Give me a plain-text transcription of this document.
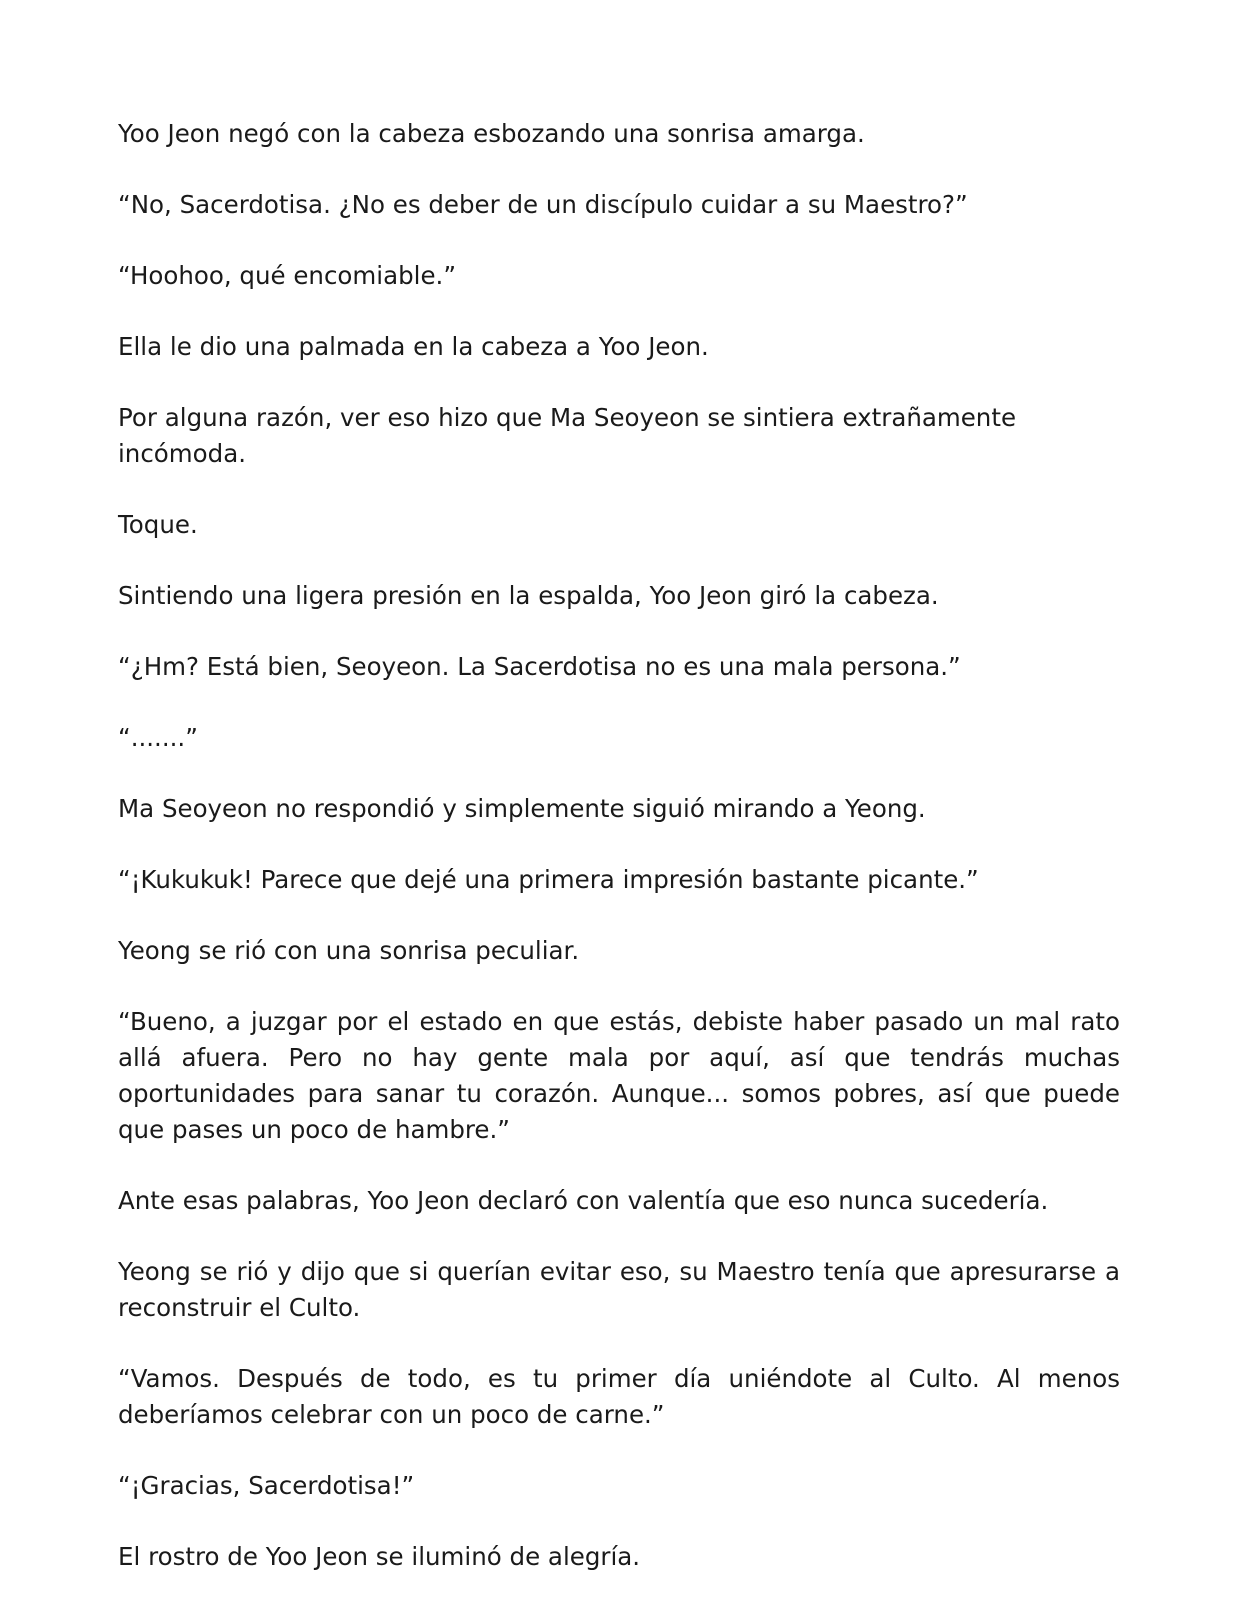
Yoo Jeon negó con la cabeza esbozando una sonrisa amarga.

“No, Sacerdotisa. ¿No es deber de un discípulo cuidar a su Maestro?”

“Hoohoo, qué encomiable.”

Ella le dio una palmada en la cabeza a Yoo Jeon.

Por alguna razón, ver eso hizo que Ma Seoyeon se sintiera extrañamente incómoda.

Toque.

Sintiendo una ligera presión en la espalda, Yoo Jeon giró la cabeza.

“¿Hm? Está bien, Seoyeon. La Sacerdotisa no es una mala persona.”

“.......”

Ma Seoyeon no respondió y simplemente siguió mirando a Yeong.

“¡Kukukuk! Parece que dejé una primera impresión bastante picante.”

Yeong se rió con una sonrisa peculiar.

“Bueno, a juzgar por el estado en que estás, debiste haber pasado un mal rato allá afuera. Pero no hay gente mala por aquí, así que tendrás muchas oportunidades para sanar tu corazón. Aunque... somos pobres, así que puede que pases un poco de hambre.”

Ante esas palabras, Yoo Jeon declaró con valentía que eso nunca sucedería.

Yeong se rió y dijo que si querían evitar eso, su Maestro tenía que apresurarse a reconstruir el Culto.

“Vamos. Después de todo, es tu primer día uniéndote al Culto. Al menos deberíamos celebrar con un poco de carne.”

“¡Gracias, Sacerdotisa!”

El rostro de Yoo Jeon se iluminó de alegría.
